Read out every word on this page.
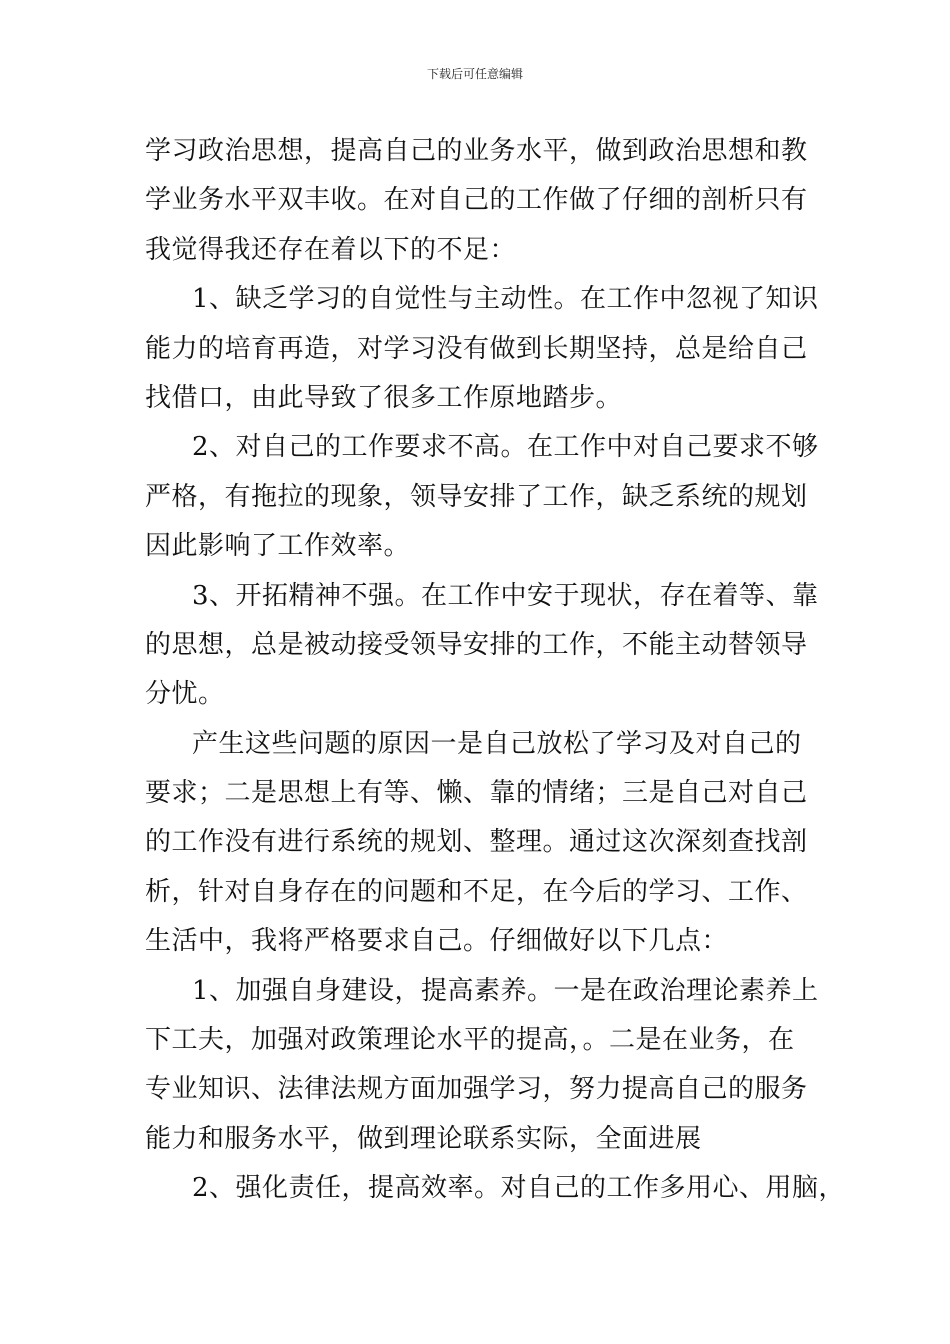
下载后可任意编辑
学习政治思想，提高自己的业务水平，做到政治思想和教
学业务水平双丰收。在对自己的工作做了仔细的剖析只有
我觉得我还存在着以下的不足：
1、缺乏学习的自觉性与主动性。在工作中忽视了知识
能力的培育再造，对学习没有做到长期坚持，总是给自己
找借口，由此导致了很多工作原地踏步。
2、对自己的工作要求不高。在工作中对自己要求不够
严格，有拖拉的现象，领导安排了工作，缺乏系统的规划
因此影响了工作效率。
3、开拓精神不强。在工作中安于现状，存在着等、靠
的思想，总是被动接受领导安排的工作，不能主动替领导
分忧。
产生这些问题的原因一是自己放松了学习及对自己的
要求；二是思想上有等、懒、靠的情绪；三是自己对自己
的工作没有进行系统的规划、整理。通过这次深刻查找剖
析，针对自身存在的问题和不足，在今后的学习、工作、
生活中，我将严格要求自己。仔细做好以下几点：
1、加强自身建设，提高素养。一是在政治理论素养上
下工夫，加强对政策理论水平的提高，。二是在业务，在
专业知识、法律法规方面加强学习，努力提高自己的服务
能力和服务水平，做到理论联系实际，全面进展
2、强化责任，提高效率。对自己的工作多用心、用脑，
